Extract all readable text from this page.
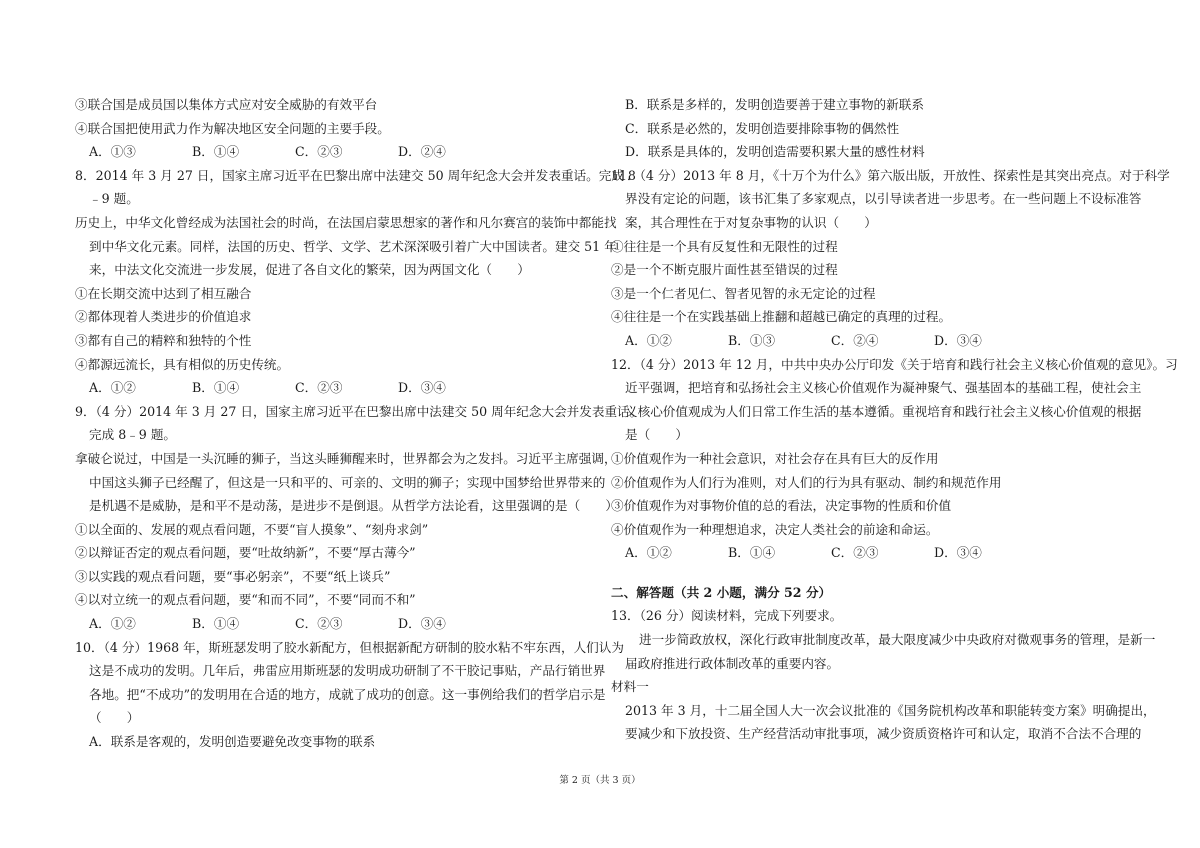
③联合国是成员国以集体方式应对安全威胁的有效平台
④联合国把使用武力作为解决地区安全问题的主要手段。
A．①③	B．①④	C．②③	D．②④
8．2014 年 3 月 27 日，国家主席习近平在巴黎出席中法建交 50 周年纪念大会并发表重话。完成 8
﹣9 题。
历史上，中华文化曾经成为法国社会的时尚，在法国启蒙思想家的著作和凡尔赛宫的装饰中都能找
到中华文化元素。同样，法国的历史、哲学、文学、艺术深深吸引着广大中国读者。建交 51 年
来，中法文化交流进一步发展，促进了各自文化的繁荣，因为两国文化（　　）
①在长期交流中达到了相互融合
②都体现着人类进步的价值追求
③都有自己的精粹和独特的个性
④都源远流长，具有相似的历史传统。
A．①②	B．①④	C．②③	D．③④
9．（4 分）2014 年 3 月 27 日，国家主席习近平在巴黎出席中法建交 50 周年纪念大会并发表重话。
完成 8﹣9 题。
拿破仑说过，中国是一头沉睡的狮子，当这头睡狮醒来时，世界都会为之发抖。习近平主席强调，
中国这头狮子已经醒了，但这是一只和平的、可亲的、文明的狮子；实现中国梦给世界带来的
是机遇不是威胁，是和平不是动荡，是进步不是倒退。从哲学方法论看，这里强调的是（　　）
①以全面的、发展的观点看问题，不要“盲人摸象”、“刻舟求剑”
②以辩证否定的观点看问题，要“吐故纳新”，不要“厚古薄今”
③以实践的观点看问题，要“事必躬亲”，不要“纸上谈兵”
④以对立统一的观点看问题，要“和而不同”，不要“同而不和”
A．①②	B．①④	C．②③	D．③④
10．（4 分）1968 年，斯班瑟发明了胶水新配方，但根据新配方研制的胶水粘不牢东西，人们认为
这是不成功的发明。几年后，弗雷应用斯班瑟的发明成功研制了不干胶记事贴，产品行销世界
各地。把“不成功”的发明用在合适的地方，成就了成功的创意。这一事例给我们的哲学启示是
（　　）
A．联系是客观的，发明创造要避免改变事物的联系
B．联系是多样的，发明创造要善于建立事物的新联系
C．联系是必然的，发明创造要排除事物的偶然性
D．联系是具体的，发明创造需要积累大量的感性材料
11．（4 分）2013 年 8 月，《十万个为什么》第六版出版，开放性、探索性是其突出亮点。对于科学
界没有定论的问题，该书汇集了多家观点，以引导读者进一步思考。在一些问题上不设标准答
案，其合理性在于对复杂事物的认识（　　）
①往往是一个具有反复性和无限性的过程
②是一个不断克服片面性甚至错误的过程
③是一个仁者见仁、智者见智的永无定论的过程
④往往是一个在实践基础上推翻和超越已确定的真理的过程。
A．①②	B．①③	C．②④	D．③④
12．（4 分）2013 年 12 月，中共中央办公厅印发《关于培育和践行社会主义核心价值观的意见》。习
近平强调，把培育和弘扬社会主义核心价值观作为凝神聚气、强基固本的基础工程，使社会主
义核心价值观成为人们日常工作生活的基本遵循。重视培育和践行社会主义核心价值观的根据
是（　　）
①价值观作为一种社会意识，对社会存在具有巨大的反作用
②价值观作为人们行为准则，对人们的行为具有驱动、制约和规范作用
③价值观作为对事物价值的总的看法，决定事物的性质和价值
④价值观作为一种理想追求，决定人类社会的前途和命运。
A．①②	B．①④	C．②③	D．③④
二、解答题（共 2 小题，满分 52 分）
13．（26 分）阅读材料，完成下列要求。
进一步简政放权，深化行政审批制度改革，最大限度减少中央政府对微观事务的管理，是新一
届政府推进行政体制改革的重要内容。
材料一
2013 年 3 月，十二届全国人大一次会议批准的《国务院机构改革和职能转变方案》明确提出，
要减少和下放投资、生产经营活动审批事项，减少资质资格许可和认定，取消不合法不合理的
第 2 页（共 3 页）
